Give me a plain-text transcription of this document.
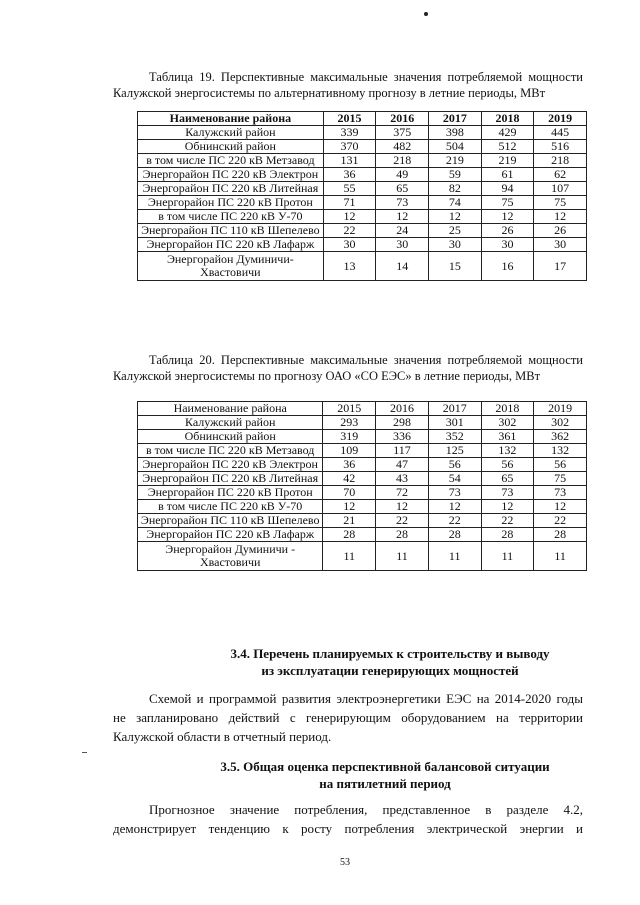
Таблица 19. Перспективные максимальные значения потребляемой мощности
Калужской энергосистемы по альтернативному прогнозу в летние периоды, МВт
Наименование района	2015	2016	2017	2018	2019
Калужский район	339	375	398	429	445
Обнинский район	370	482	504	512	516
в том числе ПС 220 кВ Метзавод	131	218	219	219	218
Энергорайон ПС 220 кВ Электрон	36	49	59	61	62
Энергорайон ПС 220 кВ Литейная	55	65	82	94	107
Энергорайон ПС 220 кВ Протон	71	73	74	75	75
в том числе ПС 220 кВ У-70	12	12	12	12	12
Энергорайон ПС 110 кВ Шепелево	22	24	25	26	26
Энергорайон ПС 220 кВ Лафарж	30	30	30	30	30
Энергорайон Думиничи-Хвастовичи	13	14	15	16	17
Таблица 20. Перспективные максимальные значения потребляемой мощности
Калужской энергосистемы по прогнозу ОАО «СО ЕЭС» в летние периоды, МВт
Наименование района	2015	2016	2017	2018	2019
Калужский район	293	298	301	302	302
Обнинский район	319	336	352	361	362
в том числе ПС 220 кВ Метзавод	109	117	125	132	132
Энергорайон ПС 220 кВ Электрон	36	47	56	56	56
Энергорайон ПС 220 кВ Литейная	42	43	54	65	75
Энергорайон ПС 220 кВ Протон	70	72	73	73	73
в том числе ПС 220 кВ У-70	12	12	12	12	12
Энергорайон ПС 110 кВ Шепелево	21	22	22	22	22
Энергорайон ПС 220 кВ Лафарж	28	28	28	28	28
Энергорайон Думиничи - Хвастовичи	11	11	11	11	11
3.4. Перечень планируемых к строительству и выводу
из эксплуатации генерирующих мощностей
Схемой и программой развития электроэнергетики ЕЭС на 2014-2020 годы
не запланировано действий с генерирующим оборудованием на территории
Калужской области в отчетный период.
3.5. Общая оценка перспективной балансовой ситуации
на пятилетний период
Прогнозное значение потребления, представленное в разделе 4.2,
демонстрирует тенденцию к росту потребления электрической энергии и
53
